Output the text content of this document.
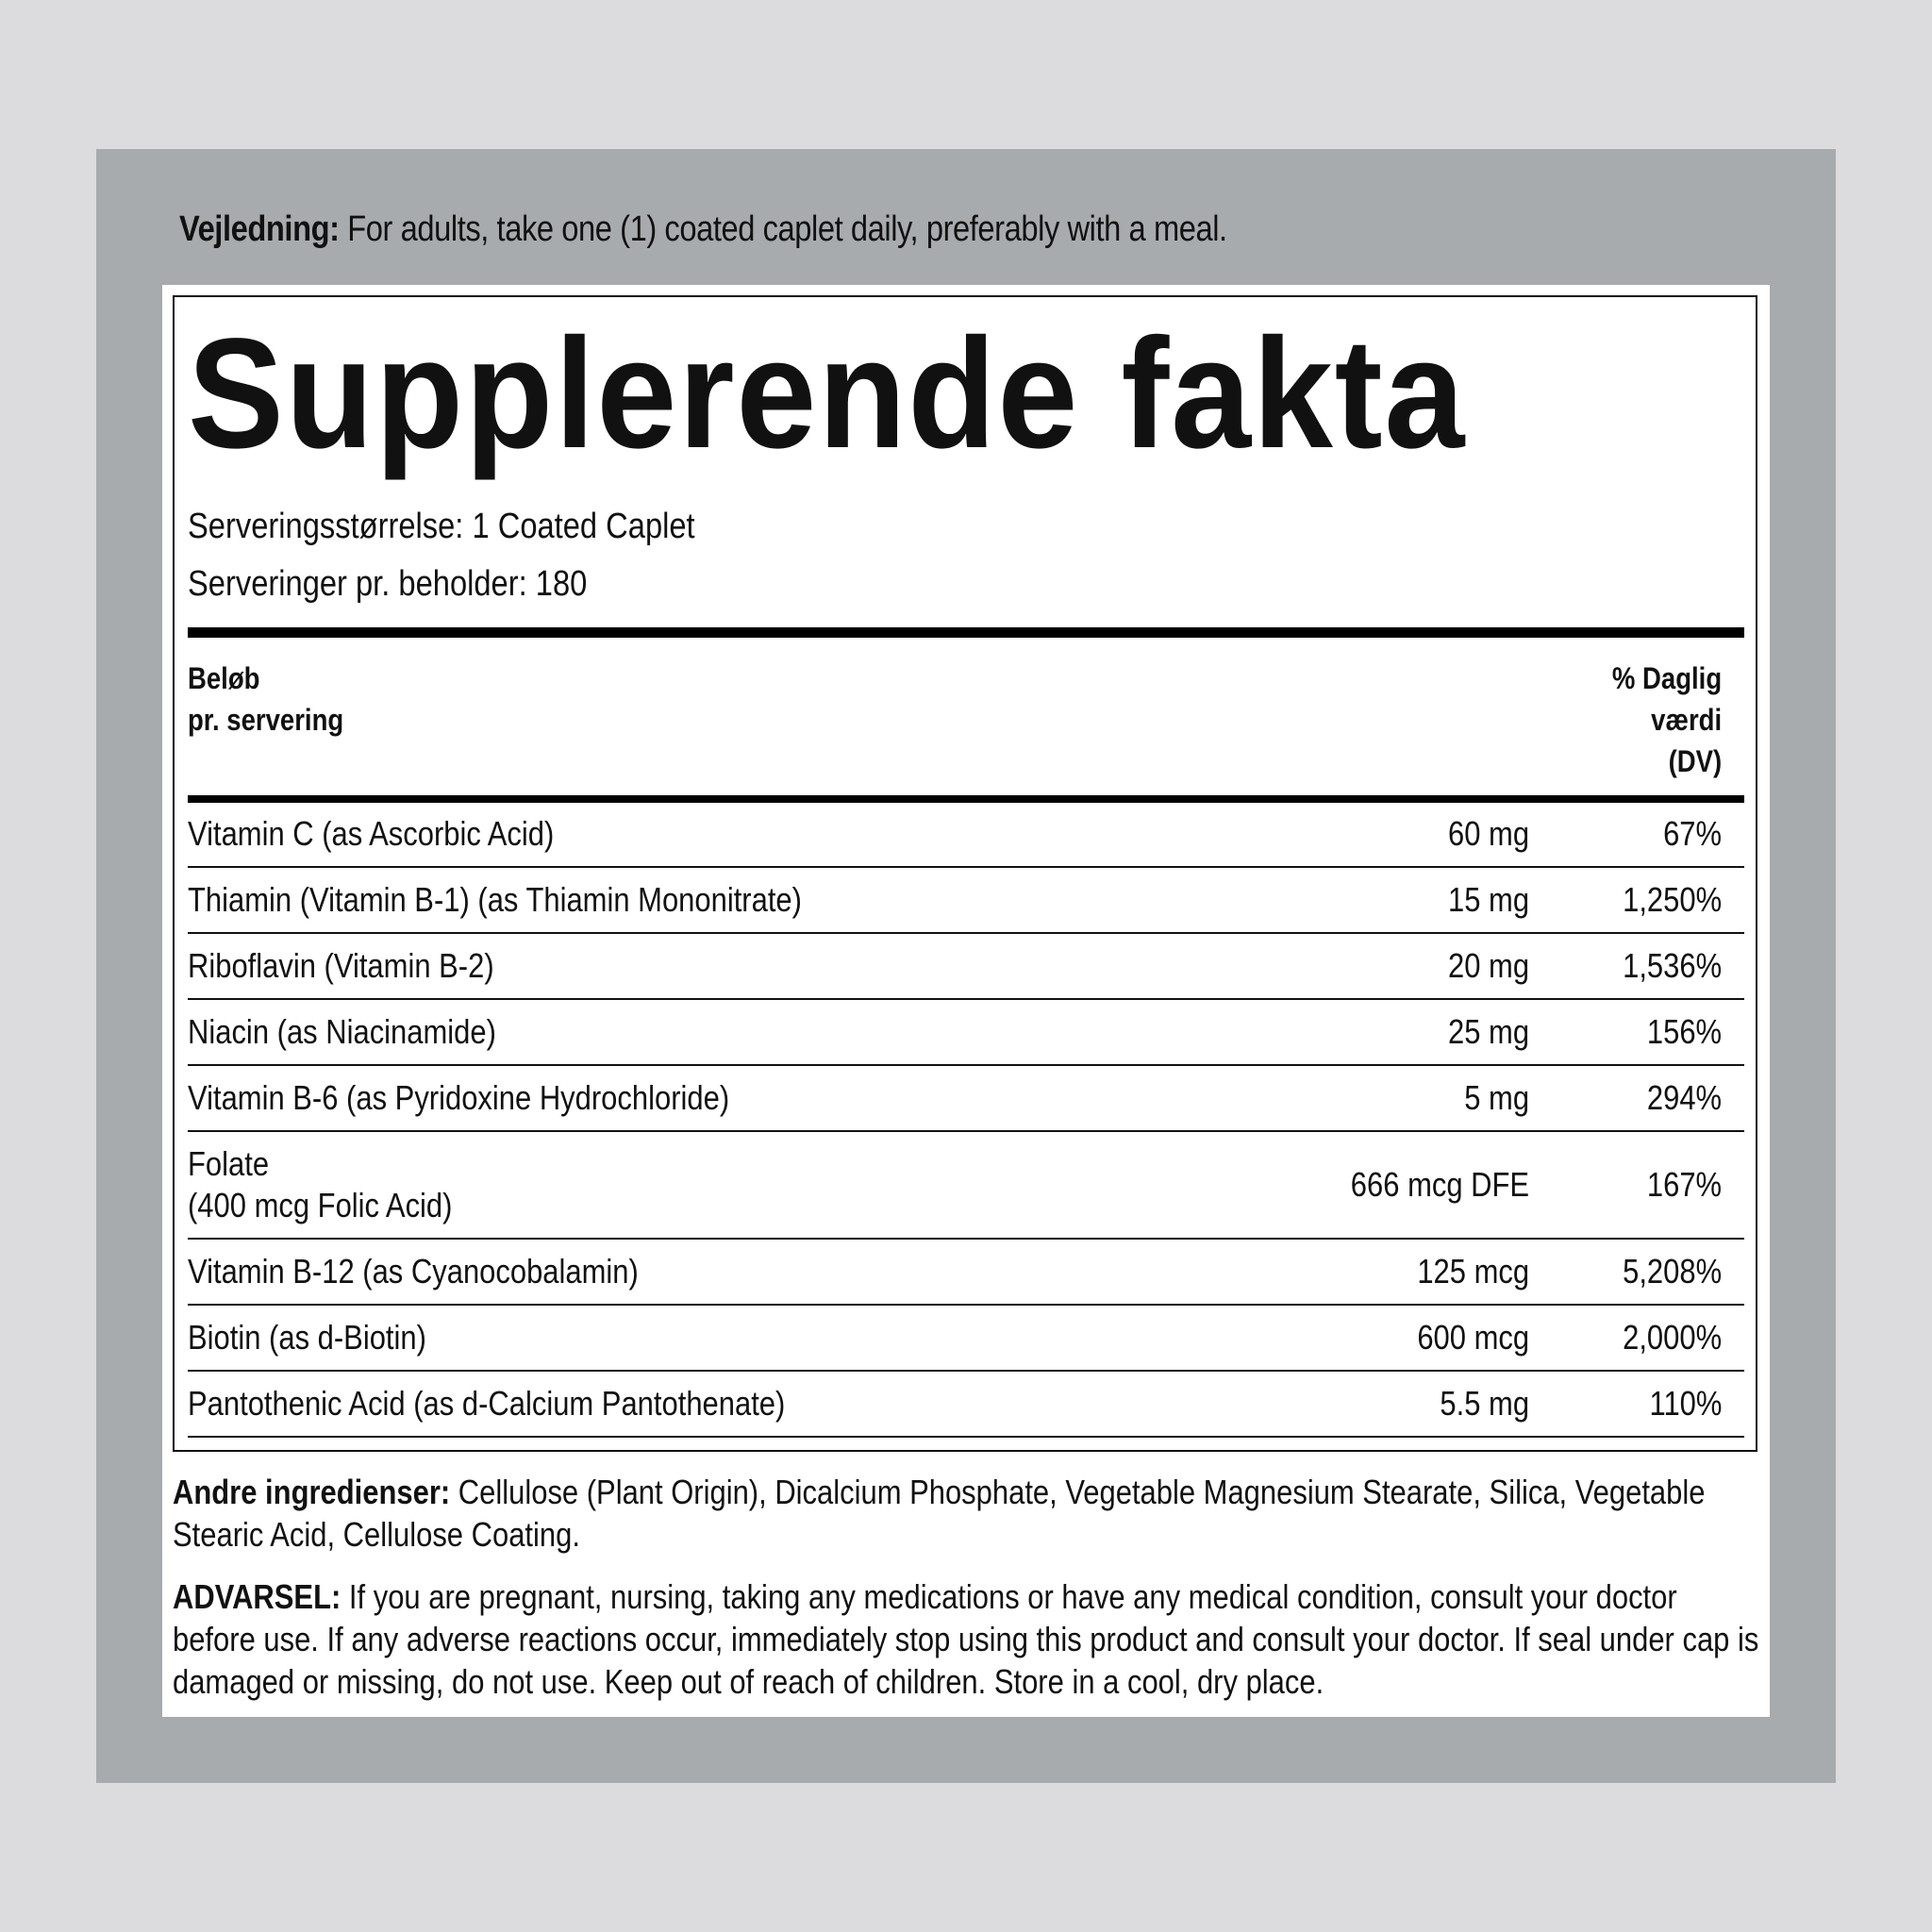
Vejledning: For adults, take one (1) coated caplet daily, preferably with a meal.
Supplerende fakta
Serveringsstørrelse: 1 Coated Caplet
Serveringer pr. beholder: 180
Beløb
pr. servering
% Daglig
værdi
(DV)
Vitamin C (as Ascorbic Acid)	60 mg	67%
Thiamin (Vitamin B-1) (as Thiamin Mononitrate)	15 mg	1,250%
Riboflavin (Vitamin B-2)	20 mg	1,536%
Niacin (as Niacinamide)	25 mg	156%
Vitamin B-6 (as Pyridoxine Hydrochloride)	5 mg	294%
Folate
(400 mcg Folic Acid)
666 mcg DFE	167%
Vitamin B-12 (as Cyanocobalamin)	125 mcg	5,208%
Biotin (as d-Biotin)	600 mcg	2,000%
Pantothenic Acid (as d-Calcium Pantothenate)	5.5 mg	110%
Andre ingredienser: Cellulose (Plant Origin), Dicalcium Phosphate, Vegetable Magnesium Stearate, Silica, Vegetable Stearic Acid, Cellulose Coating.
ADVARSEL: If you are pregnant, nursing, taking any medications or have any medical condition, consult your doctor before use. If any adverse reactions occur, immediately stop using this product and consult your doctor. If seal under cap is damaged or missing, do not use. Keep out of reach of children. Store in a cool, dry place.
